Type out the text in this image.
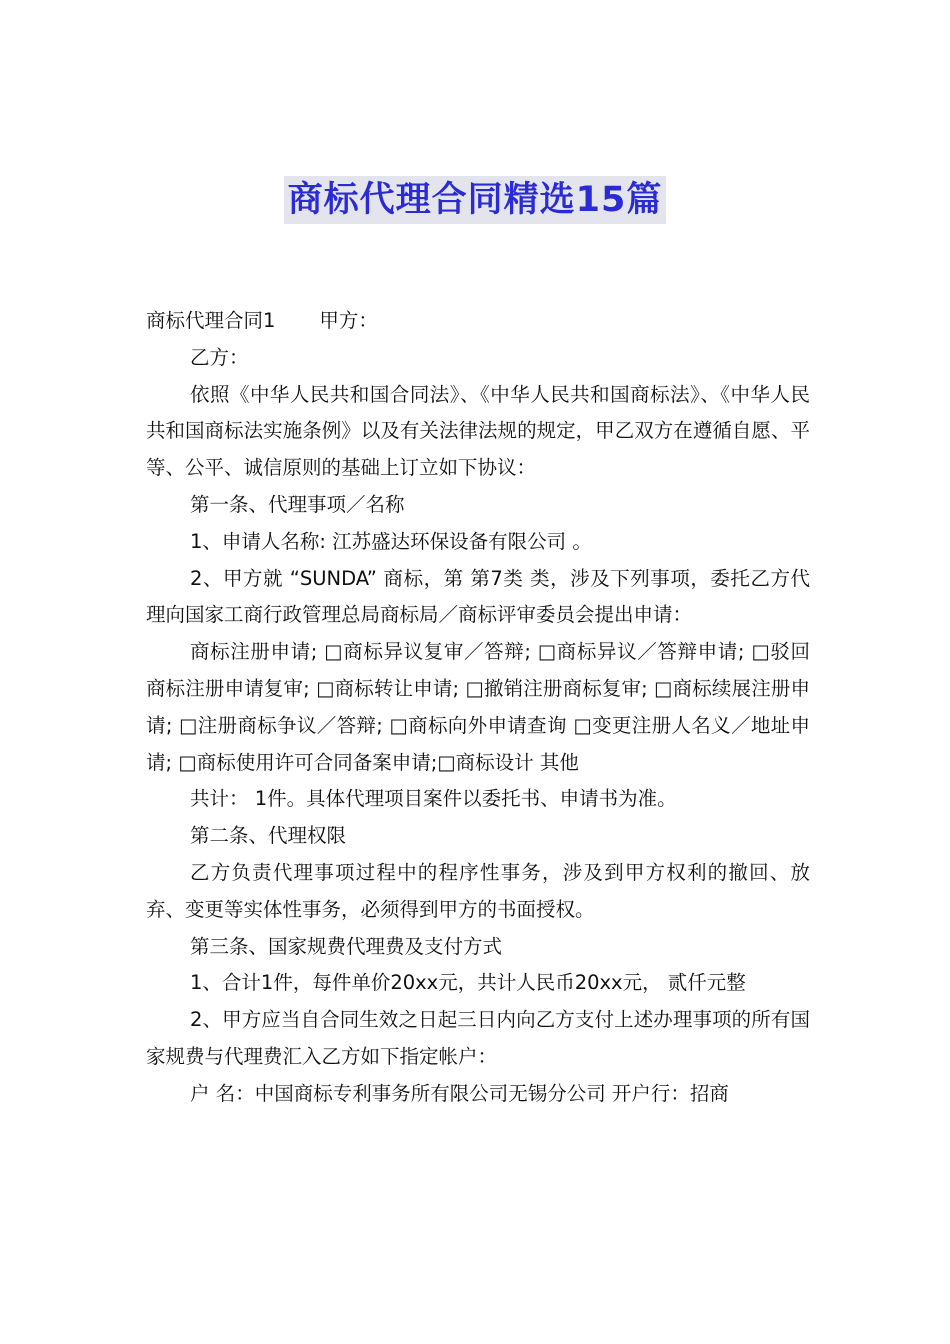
商标代理合同精选15篇

商标代理合同1 甲方：

乙方：

依照《中华人民共和国合同法》、《中华人民共和国商标法》、《中华人民共和国商标法实施条例》以及有关法律法规的规定，甲乙双方在遵循自愿、平等、公平、诚信原则的基础上订立如下协议：

第一条、代理事项／名称

1、申请人名称: 江苏盛达环保设备有限公司 。

2、甲方就 “SUNDA” 商标，第 第7类 类，涉及下列事项，委托乙方代理向国家工商行政管理总局商标局／商标评审委员会提出申请：

商标注册申请; □商标异议复审／答辩; □商标异议／答辩申请; □驳回商标注册申请复审; □商标转让申请; □撤销注册商标复审; □商标续展注册申请; □注册商标争议／答辩; □商标向外申请查询 □变更注册人名义／地址申请; □商标使用许可合同备案申请;□商标设计 其他

共计： 1件。具体代理项目案件以委托书、申请书为准。

第二条、代理权限

乙方负责代理事项过程中的程序性事务，涉及到甲方权利的撤回、放弃、变更等实体性事务，必须得到甲方的书面授权。

第三条、国家规费代理费及支付方式

1、合计1件，每件单价20xx元，共计人民币20xx元， 贰仟元整

2、甲方应当自合同生效之日起三日内向乙方支付上述办理事项的所有国家规费与代理费汇入乙方如下指定帐户：

户 名：中国商标专利事务所有限公司无锡分公司 开户行：招商
